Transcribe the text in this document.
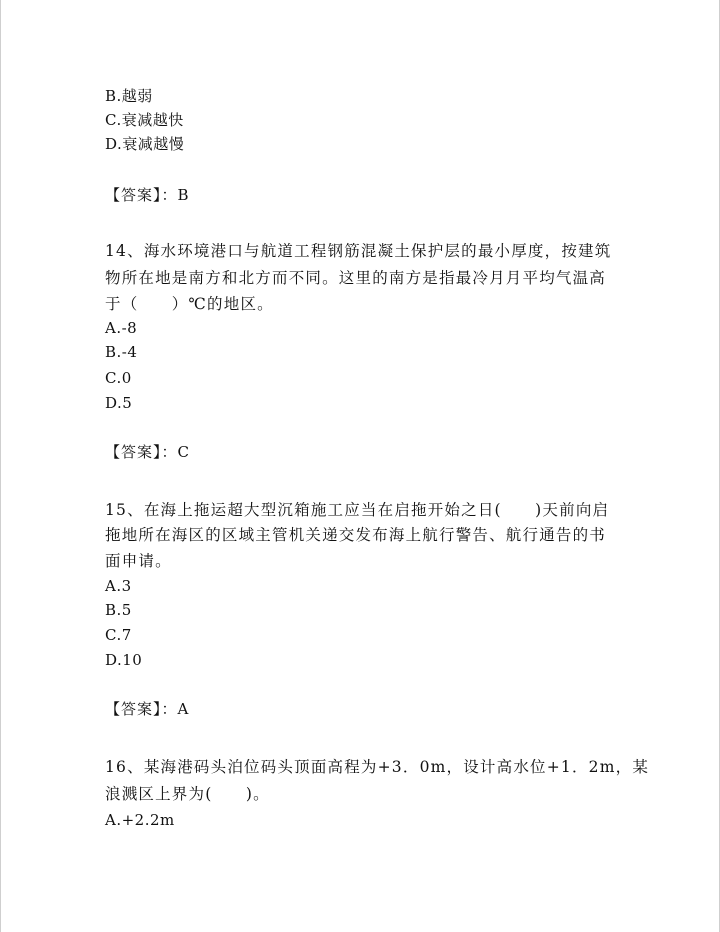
B.越弱
C.衰减越快
D.衰减越慢
【答案】：B
14、海水环境港口与航道工程钢筋混凝土保护层的最小厚度，按建筑
物所在地是南方和北方而不同。这里的南方是指最冷月月平均气温高
于（　　）℃的地区。
A.-8
B.-4
C.0
D.5
【答案】：C
15、在海上拖运超大型沉箱施工应当在启拖开始之日(　　)天前向启
拖地所在海区的区域主管机关递交发布海上航行警告、航行通告的书
面申请。
A.3
B.5
C.7
D.10
【答案】：A
16、某海港码头泊位码头顶面高程为+3．0m，设计高水位+1．2m，某
浪溅区上界为(　　)。
A.+2.2m
